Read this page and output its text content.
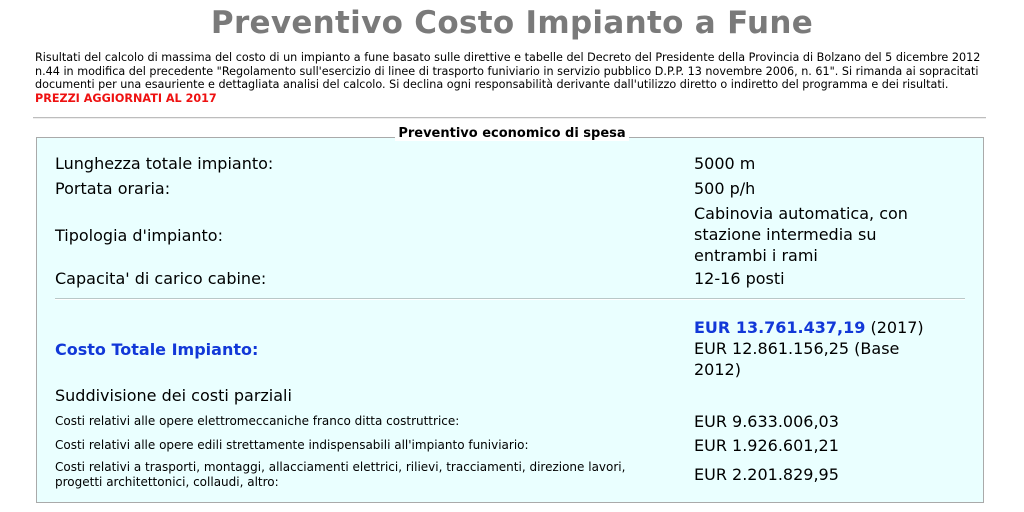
Preventivo Costo Impianto a Fune
Risultati del calcolo di massima del costo di un impianto a fune basato sulle direttive e tabelle del Decreto del Presidente della Provincia di Bolzano del 5 dicembre 2012 n.44 in modifica del precedente "Regolamento sull'esercizio di linee di trasporto funiviario in servizio pubblico D.P.P. 13 novembre 2006, n. 61". Si rimanda ai sopracitati documenti per una esauriente e dettagliata analisi del calcolo. Si declina ogni responsabilità derivante dall'utilizzo diretto o indiretto del programma e dei risultati. PREZZI AGGIORNATI AL 2017
Preventivo economico di spesa
Lunghezza totale impianto:	5000 m
Portata oraria:	500 p/h
Tipologia d'impianto:
Cabinovia automatica, con stazione intermedia su entrambi i rami
Capacita' di carico cabine:	12-16 posti
Costo Totale Impianto:
EUR 13.761.437,19 (2017)
EUR 12.861.156,25 (Base 2012)
Suddivisione dei costi parziali
Costi relativi alle opere elettromeccaniche franco ditta costruttrice:	EUR 9.633.006,03
Costi relativi alle opere edili strettamente indispensabili all'impianto funiviario:	EUR 1.926.601,21
Costi relativi a trasporti, montaggi, allacciamenti elettrici, rilievi, tracciamenti, direzione lavori, progetti architettonici, collaudi, altro:	EUR 2.201.829,95
